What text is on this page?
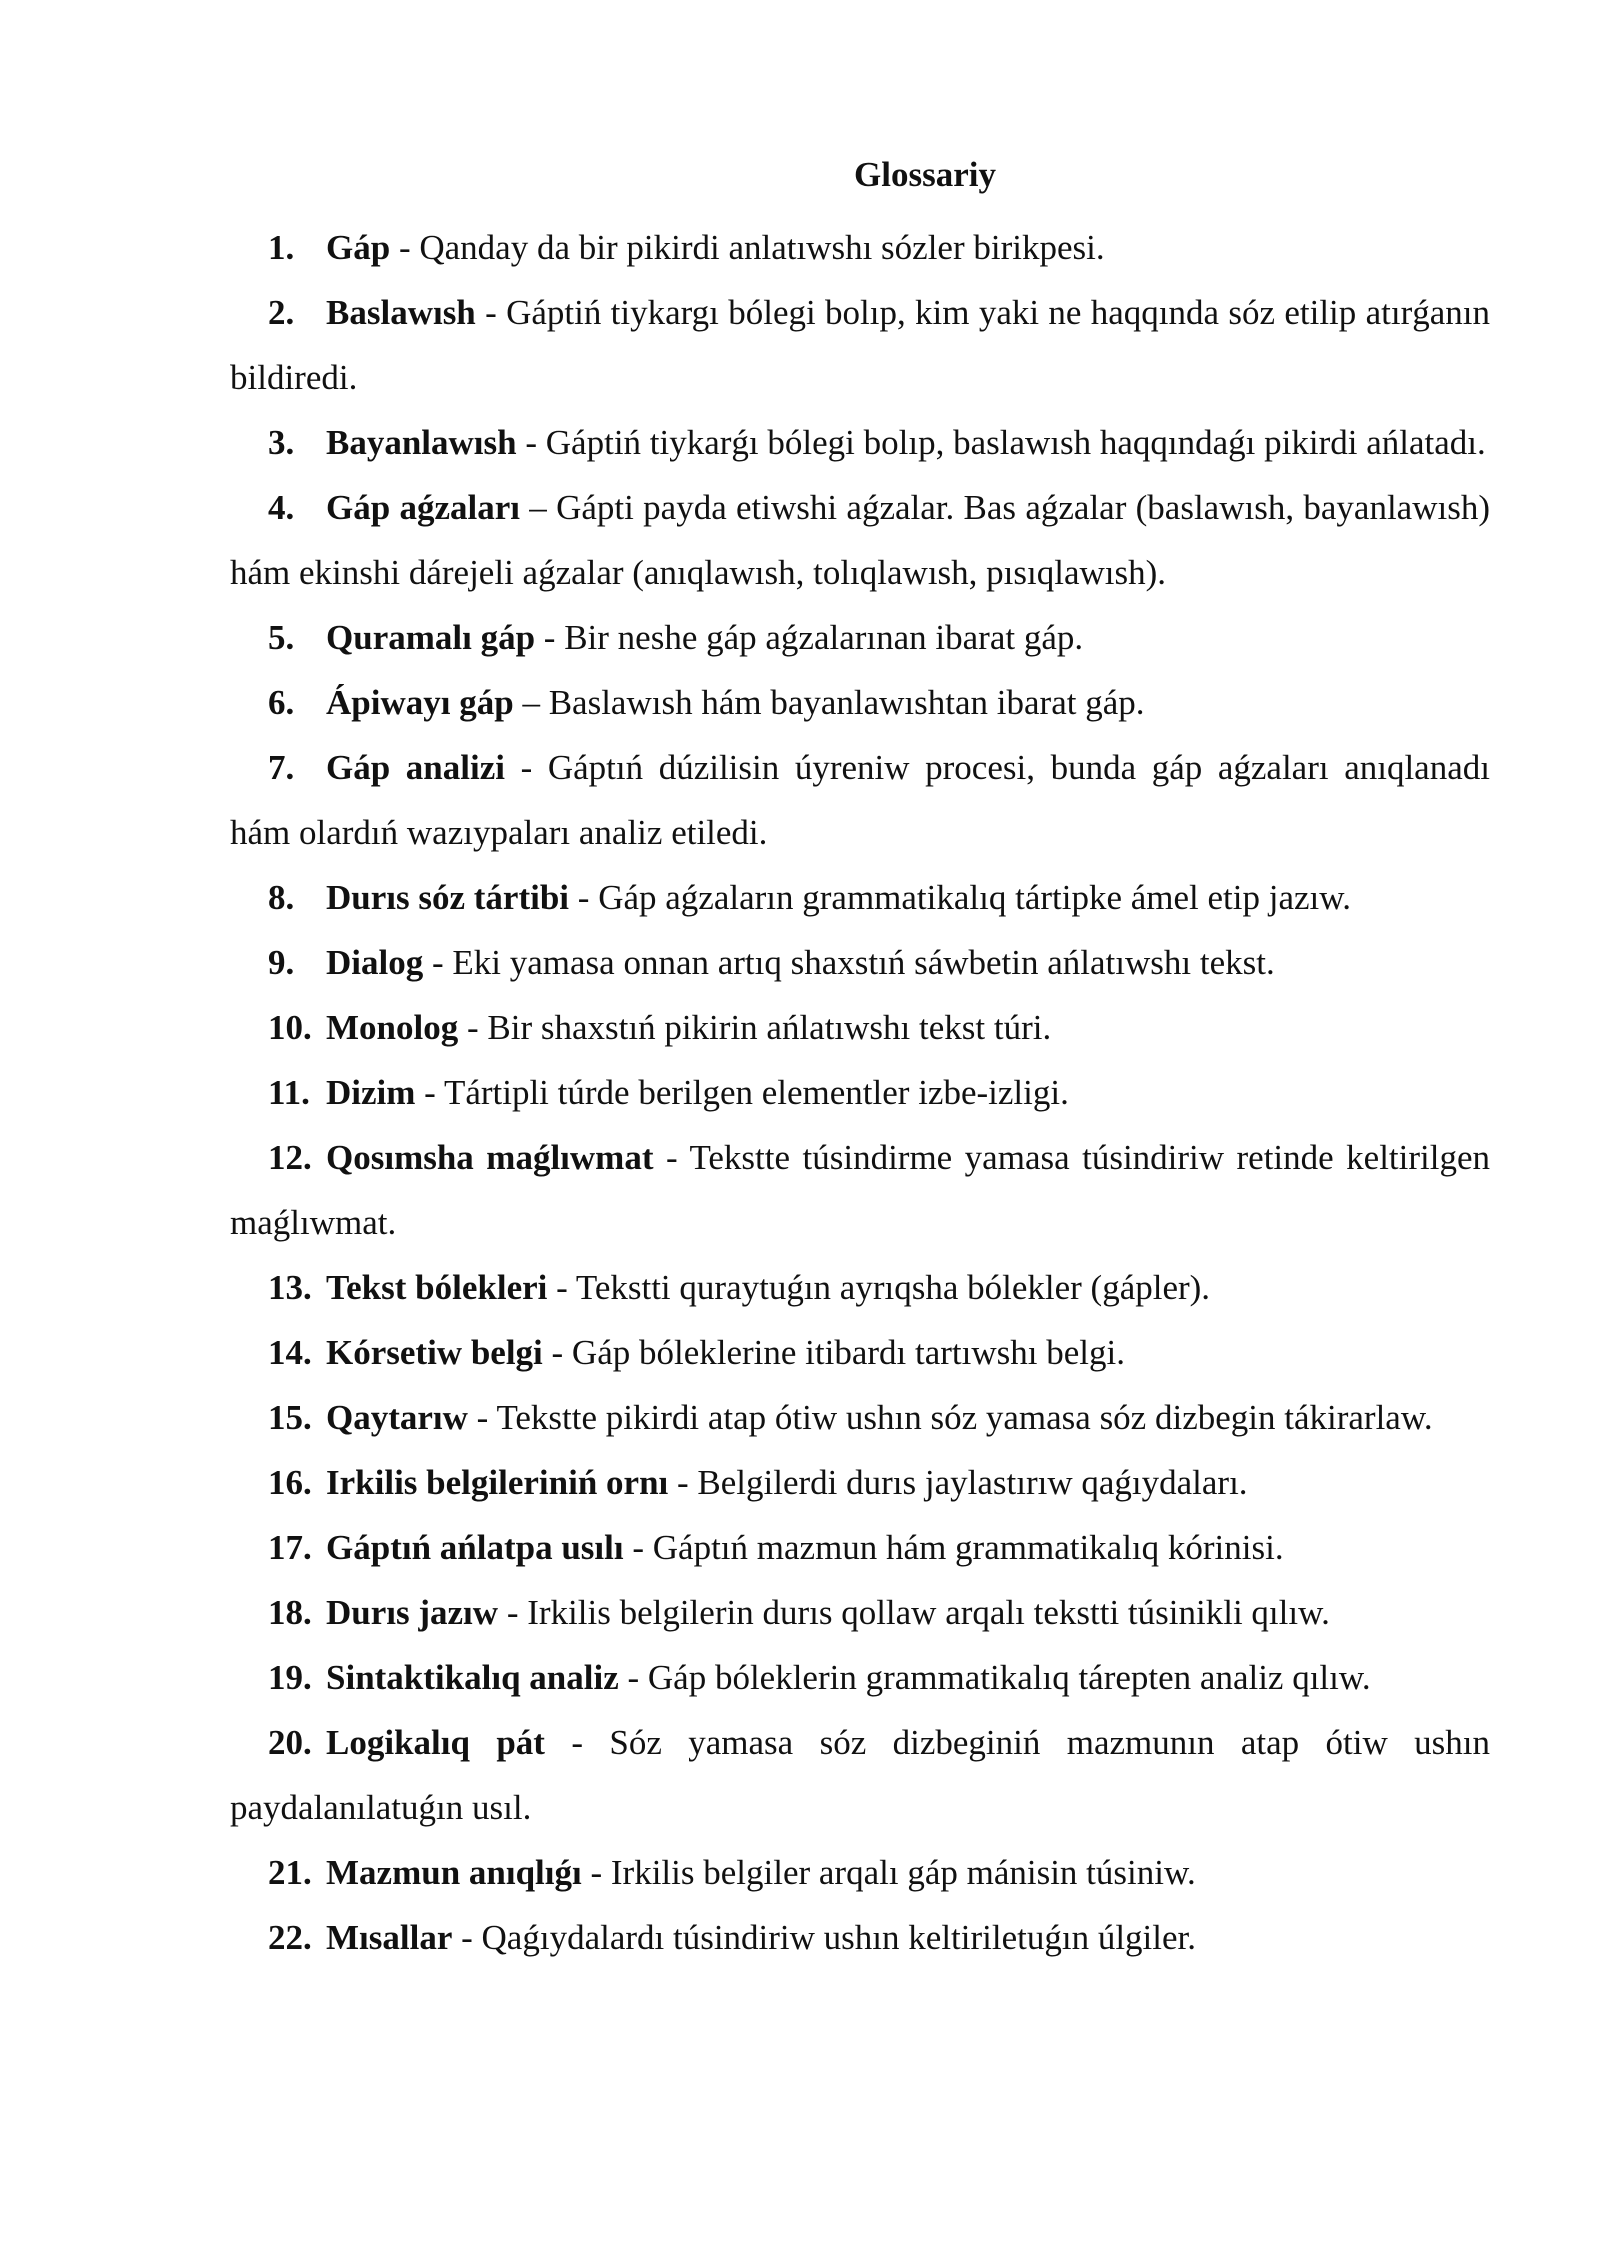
Glossariy
1. Gáp - Qanday da bir pikirdi anlatıwshı sózler birikpesi.
2. Baslawısh - Gáptiń tiykargı bólegi bolıp, kim yaki ne haqqında sóz etilip atırǵanın bildiredi.
3. Bayanlawısh - Gáptiń tiykarǵı bólegi bolıp, baslawısh haqqındaǵı pikirdi ańlatadı.
4. Gáp aǵzaları – Gápti payda etiwshi aǵzalar. Bas aǵzalar (baslawısh, bayanlawısh) hám ekinshi dárejeli aǵzalar (anıqlawısh, tolıqlawısh, pısıqlawısh).
5. Quramalı gáp - Bir neshe gáp aǵzalarınan ibarat gáp.
6. Ápiwayı gáp – Baslawısh hám bayanlawıshtan ibarat gáp.
7. Gáp analizi - Gáptıń dúzilisin úyreniw procesi, bunda gáp aǵzaları anıqlanadı hám olardıń wazıypaları analiz etiledi.
8. Durıs sóz tártibi - Gáp aǵzaların grammatikalıq tártipke ámel etip jazıw.
9. Dialog - Eki yamasa onnan artıq shaxstıń sáwbetin ańlatıwshı tekst.
10. Monolog - Bir shaxstıń pikirin ańlatıwshı tekst túri.
11. Dizim - Tártipli túrde berilgen elementler izbe-izligi.
12. Qosımsha maǵlıwmat - Tekstte túsindirme yamasa túsindiriw retinde keltirilgen maǵlıwmat.
13. Tekst bólekleri - Tekstti quraytuǵın ayrıqsha bólekler (gápler).
14. Kórsetiw belgi - Gáp bóleklerine itibardı tartıwshı belgi.
15. Qaytarıw - Tekstte pikirdi atap ótiw ushın sóz yamasa sóz dizbegin tákirarlaw.
16. Irkilis belgileriniń ornı - Belgilerdi durıs jaylastırıw qaǵıydaları.
17. Gáptıń ańlatpa usılı - Gáptıń mazmun hám grammatikalıq kórinisi.
18. Durıs jazıw - Irkilis belgilerin durıs qollaw arqalı tekstti túsinikli qılıw.
19. Sintaktikalıq analiz - Gáp bóleklerin grammatikalıq tárepten analiz qılıw.
20. Logikalıq pát - Sóz yamasa sóz dizbeginiń mazmunın atap ótiw ushın paydalanılatuǵın usıl.
21. Mazmun anıqlıǵı - Irkilis belgiler arqalı gáp mánisin túsiniw.
22. Mısallar - Qaǵıydalardı túsindiriw ushın keltiriletuǵın úlgiler.
